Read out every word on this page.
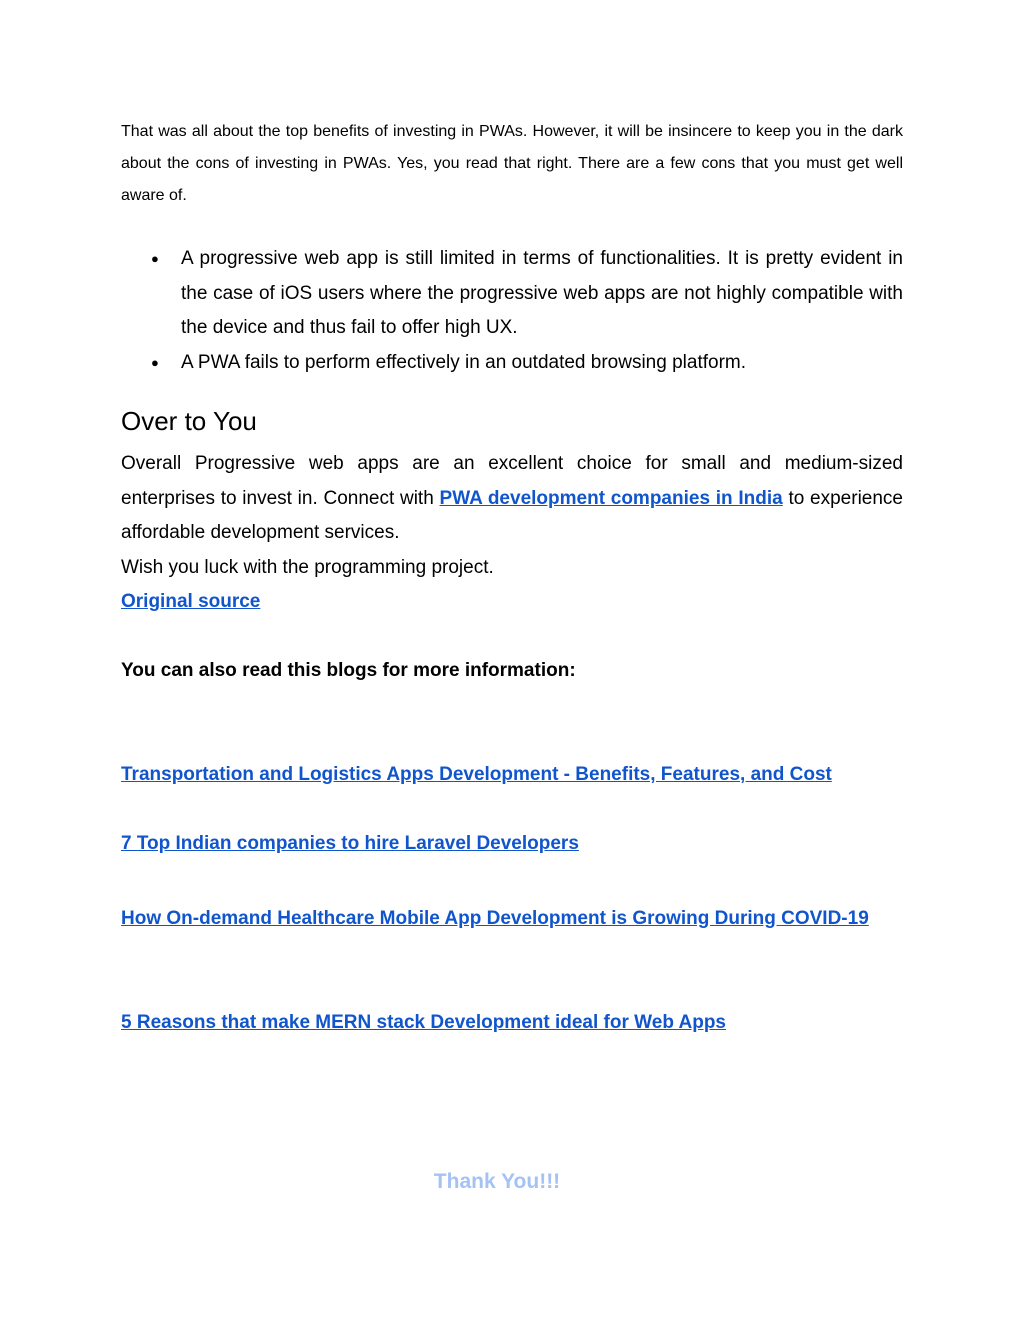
That was all about the top benefits of investing in PWAs. However, it will be insincere to keep you in the dark about the cons of investing in PWAs. Yes, you read that right. There are a few cons that you must get well aware of.

● A progressive web app is still limited in terms of functionalities. It is pretty evident in the case of iOS users where the progressive web apps are not highly compatible with the device and thus fail to offer high UX.
● A PWA fails to perform effectively in an outdated browsing platform.
Over to You

Overall Progressive web apps are an excellent choice for small and medium-sized enterprises to invest in. Connect with PWA development companies in India to experience affordable development services.

Wish you luck with the programming project.

Original source

You can also read this blogs for more information:

Transportation and Logistics Apps Development - Benefits, Features, and Cost
7 Top Indian companies to hire Laravel Developers
How On-demand Healthcare Mobile App Development is Growing During COVID-19
5 Reasons that make MERN stack Development ideal for Web Apps
Thank You!!!
